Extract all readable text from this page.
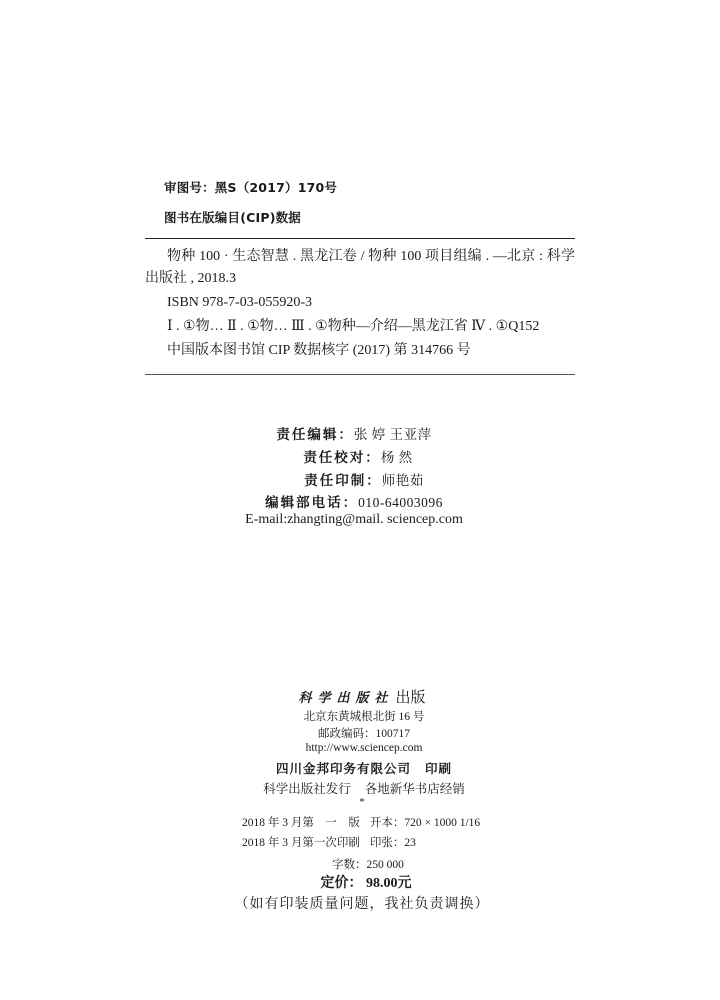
审图号：黑S（2017）170号
图书在版编目(CIP)数据
物种 100 · 生态智慧 . 黑龙江卷 / 物种 100 项目组编 . —北京 : 科学出版社 , 2018.3
ISBN 978-7-03-055920-3
Ⅰ . ①物… Ⅱ . ①物… Ⅲ . ①物种—介绍—黑龙江省 Ⅳ . ①Q152
中国版本图书馆 CIP 数据核字 (2017) 第 314766 号
责任编辑：张 婷 王亚萍
责任校对：杨 然
责任印制：师艳茹
编辑部电话：010-64003096
E-mail:zhangting@mail. sciencep.com
科学出版社 出版
北京东黄城根北街 16 号
邮政编码：100717
http://www.sciencep.com
四川金邦印务有限公司 印刷
科学出版社发行 各地新华书店经销
*
2018 年 3 月第　一　版 开本：720 × 1000 1/16
2018 年 3 月第一次印刷 印张：23
字数：250 000
定价： 98.00元
（如有印装质量问题，我社负责调换）
